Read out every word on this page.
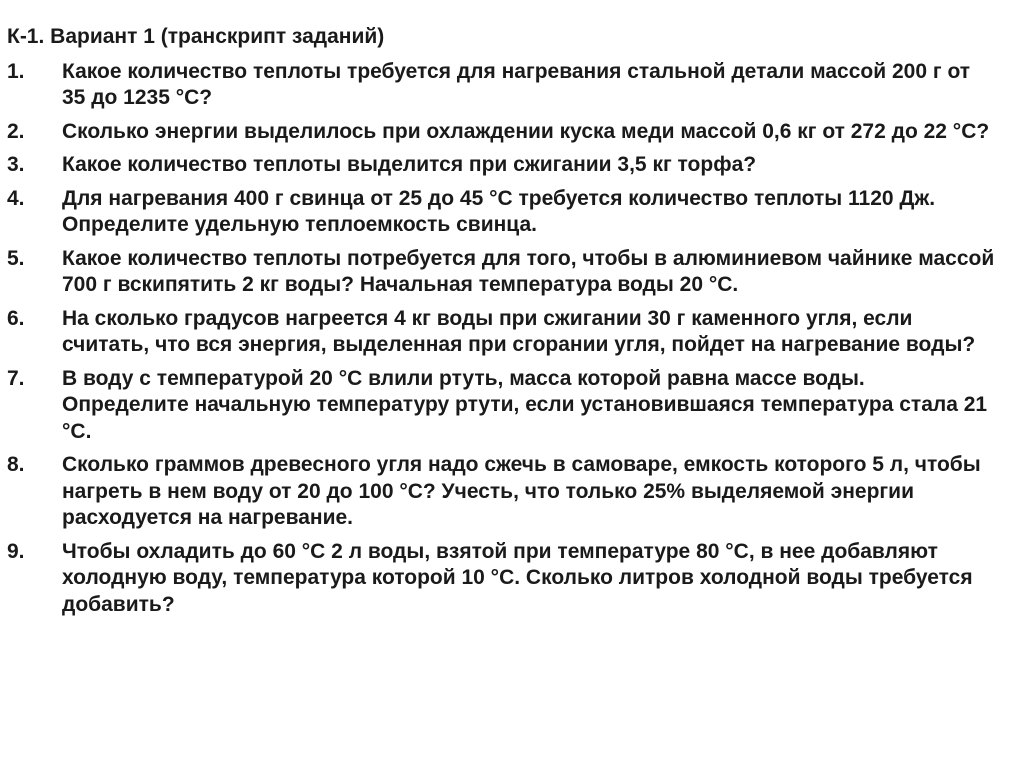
К-1. Вариант 1 (транскрипт заданий)
1.	Какое количество теплоты требуется для нагревания стальной детали массой 200 г от 35 до 1235 °С?
2.	Сколько энергии выделилось при охлаждении куска меди массой 0,6 кг от 272 до 22 °С?
3.	Какое количество теплоты выделится при сжигании 3,5 кг торфа?
4.	Для нагревания 400 г свинца от 25 до 45 °С требуется количество теплоты 1120 Дж. Определите удельную теплоемкость свинца.
5.	Какое количество теплоты потребуется для того, чтобы в алюминиевом чайнике массой 700 г вскипятить 2 кг воды? Начальная температура воды 20 °С.
6.	На сколько градусов нагреется 4 кг воды при сжигании 30 г каменного угля, если считать, что вся энергия, выделенная при сгорании угля, пойдет на нагревание воды?
7.	В воду с температурой 20 °С влили ртуть, масса которой равна массе воды. Определите начальную температуру ртути, если установившаяся температура стала 21 °С.
8.	Сколько граммов древесного угля надо сжечь в самоваре, емкость которого 5 л, чтобы нагреть в нем воду от 20 до 100 °С? Учесть, что только 25% выделяемой энергии расходуется на нагревание.
9.	Чтобы охладить до 60 °С 2 л воды, взятой при температуре 80 °С, в нее добавляют холодную воду, температура которой 10 °С. Сколько литров холодной воды требуется добавить?
